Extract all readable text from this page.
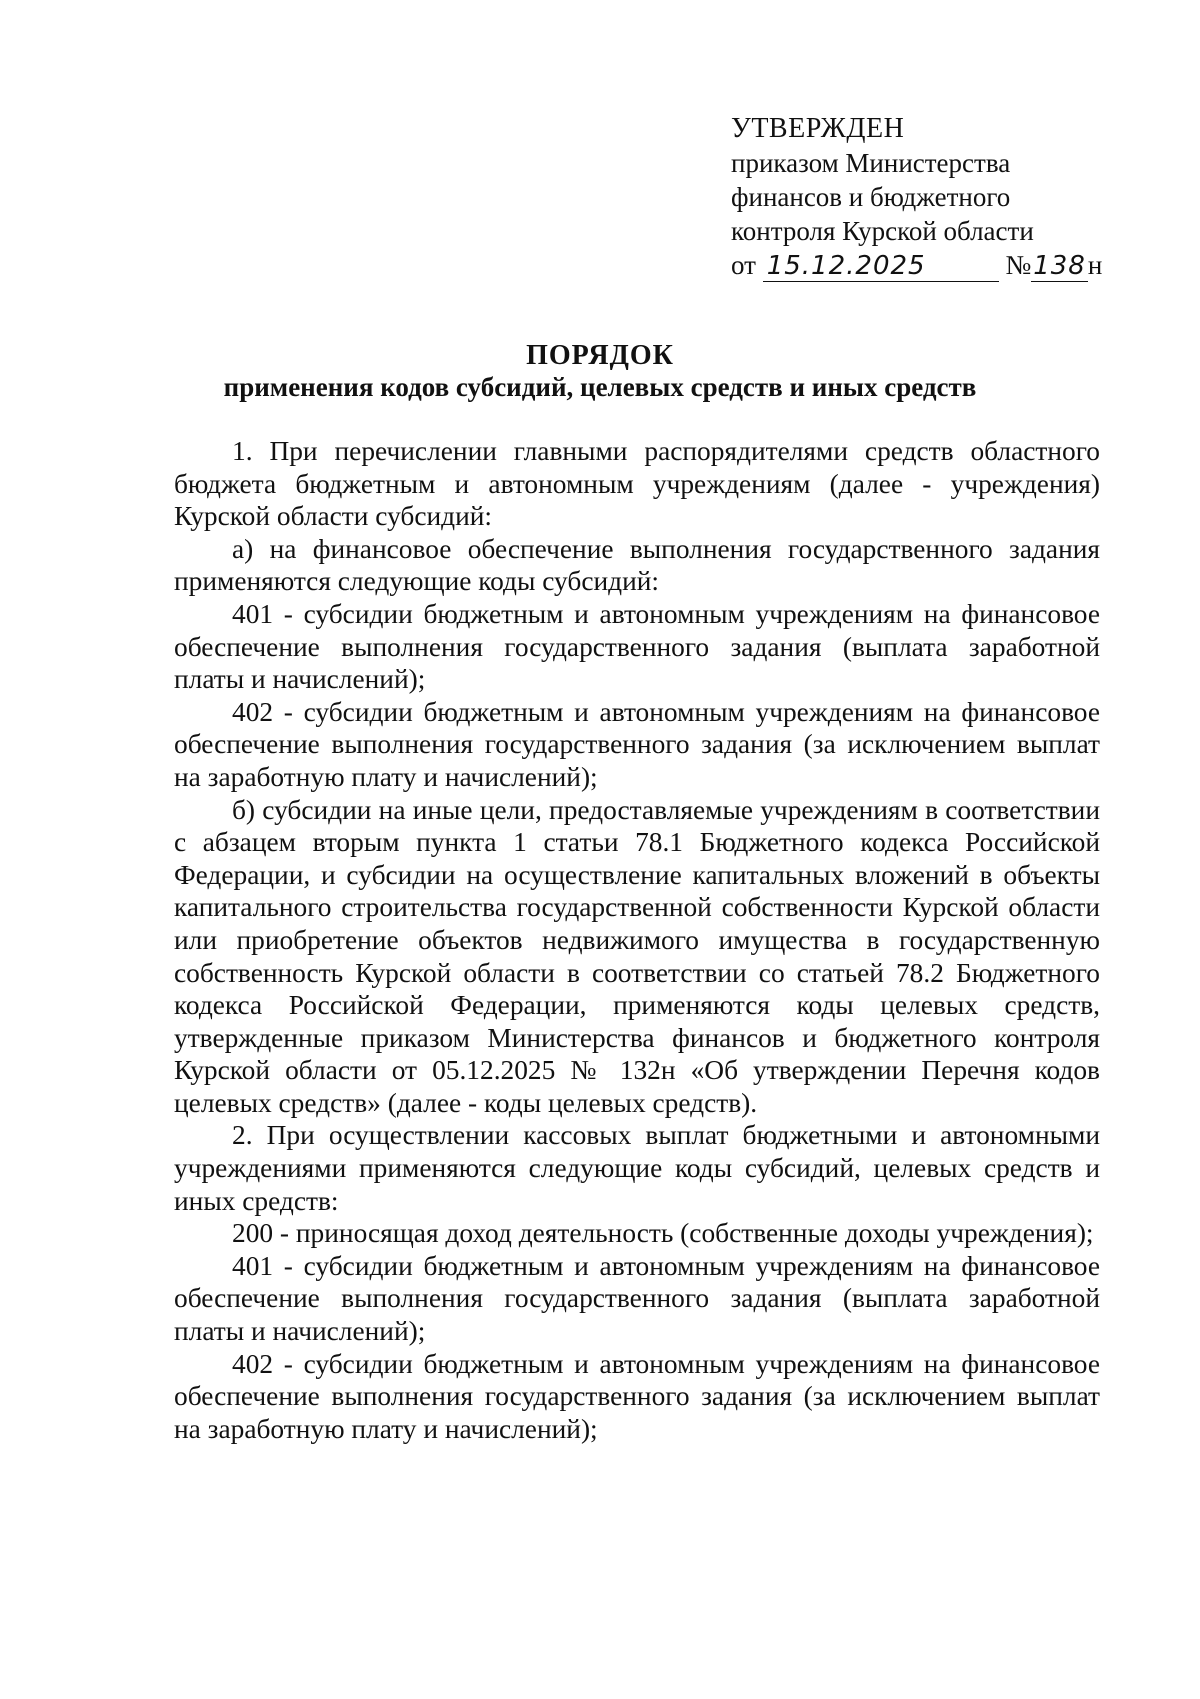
УТВЕРЖДЕН
приказом Министерства
финансов и бюджетного
контроля Курской области
от 15.12.2025	№138н
ПОРЯДОК
применения кодов субсидий, целевых средств и иных средств

1. При перечислении главными распорядителями средств областного бюджета бюджетным и автономным учреждениям (далее - учреждения) Курской области субсидий:

а) на финансовое обеспечение выполнения государственного задания применяются следующие коды субсидий:

401 - субсидии бюджетным и автономным учреждениям на финансовое обеспечение выполнения государственного задания (выплата заработной платы и начислений);

402 - субсидии бюджетным и автономным учреждениям на финансовое обеспечение выполнения государственного задания (за исключением выплат на заработную плату и начислений);

б) субсидии на иные цели, предоставляемые учреждениям в соответствии с абзацем вторым пункта 1 статьи 78.1 Бюджетного кодекса Российской Федерации, и субсидии на осуществление капитальных вложений в объекты капитального строительства государственной собственности Курской области или приобретение объектов недвижимого имущества в государственную собственность Курской области в соответствии со статьей 78.2 Бюджетного кодекса Российской Федерации, применяются коды целевых средств, утвержденные приказом Министерства финансов и бюджетного контроля Курской области от 05.12.2025 № 132н «Об утверждении Перечня кодов целевых средств» (далее - коды целевых средств).

2. При осуществлении кассовых выплат бюджетными и автономными учреждениями применяются следующие коды субсидий, целевых средств и иных средств:

200 - приносящая доход деятельность (собственные доходы учреждения);

401 - субсидии бюджетным и автономным учреждениям на финансовое обеспечение выполнения государственного задания (выплата заработной платы и начислений);

402 - субсидии бюджетным и автономным учреждениям на финансовое обеспечение выполнения государственного задания (за исключением выплат на заработную плату и начислений);
